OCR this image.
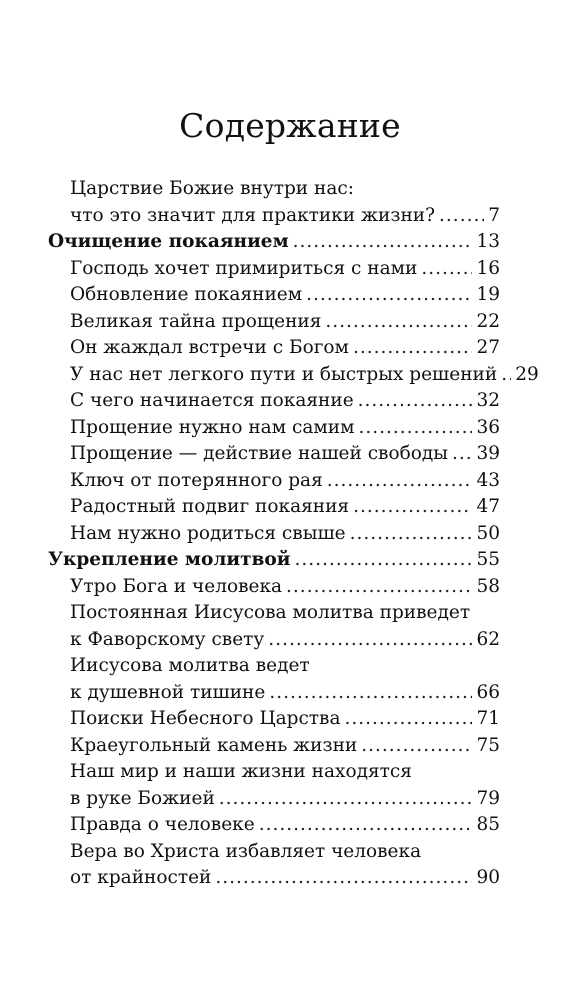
Содержание
Царствие Божие внутри нас:
что это значит для практики жизни? .....	7
Очищение покаянием .....	13
Господь хочет примириться с нами .....	16
Обновление покаянием .....	19
Великая тайна прощения .....	22
Он жаждал встречи с Богом .....	27
У нас нет легкого пути и быстрых решений ..... 29
С чего начинается покаяние .....	32
Прощение нужно нам самим .....	36
Прощение — действие нашей свободы ..... 39
Ключ от потерянного рая .....	43
Радостный подвиг покаяния .....	47
Нам нужно родиться свыше .....	50
Укрепление молитвой .....	55
Утро Бога и человека .....	58
Постоянная Иисусова молитва приведет
к Фаворскому свету .....	62
Иисусова молитва ведет
к душевной тишине .....	66
Поиски Небесного Царства .....	71
Краеугольный камень жизни .....	75
Наш мир и наши жизни находятся
в руке Божией .....	79
Правда о человеке .....	85
Вера во Христа избавляет человека
от крайностей .....	90
